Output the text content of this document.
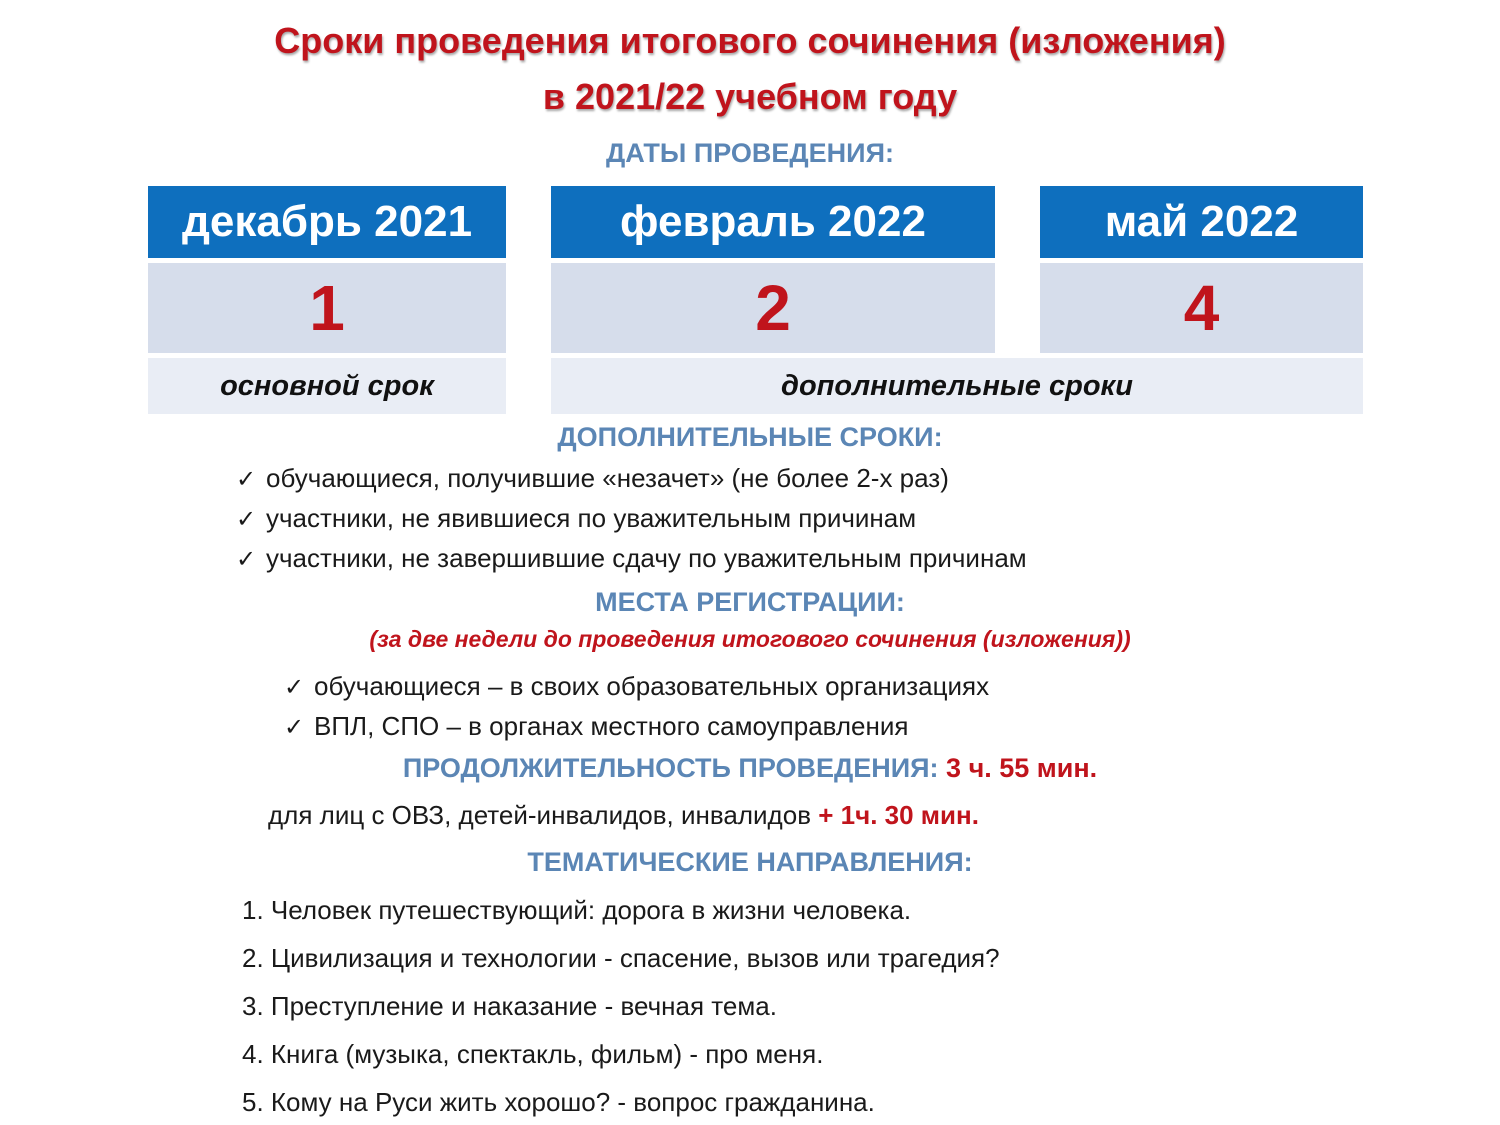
Сроки проведения итогового сочинения (изложения)
в 2021/22 учебном году
ДАТЫ ПРОВЕДЕНИЯ:
декабрь 2021
1
февраль 2022
2
май 2022
4
основной срок	дополнительные сроки
ДОПОЛНИТЕЛЬНЫЕ СРОКИ:
✓ обучающиеся, получившие «незачет» (не более 2-х раз)
✓ участники, не явившиеся по уважительным причинам
✓ участники, не завершившие сдачу по уважительным причинам
МЕСТА РЕГИСТРАЦИИ:
(за две недели до проведения итогового сочинения (изложения))
✓ обучающиеся – в своих образовательных организациях
✓ ВПЛ, СПО – в органах местного самоуправления
ПРОДОЛЖИТЕЛЬНОСТЬ ПРОВЕДЕНИЯ: 3 ч. 55 мин.
для лиц с ОВЗ, детей-инвалидов, инвалидов + 1ч. 30 мин.
ТЕМАТИЧЕСКИЕ НАПРАВЛЕНИЯ:
1. Человек путешествующий: дорога в жизни человека.
2. Цивилизация и технологии - спасение, вызов или трагедия?
3. Преступление и наказание - вечная тема.
4. Книга (музыка, спектакль, фильм) - про меня.
5. Кому на Руси жить хорошо? - вопрос гражданина.
